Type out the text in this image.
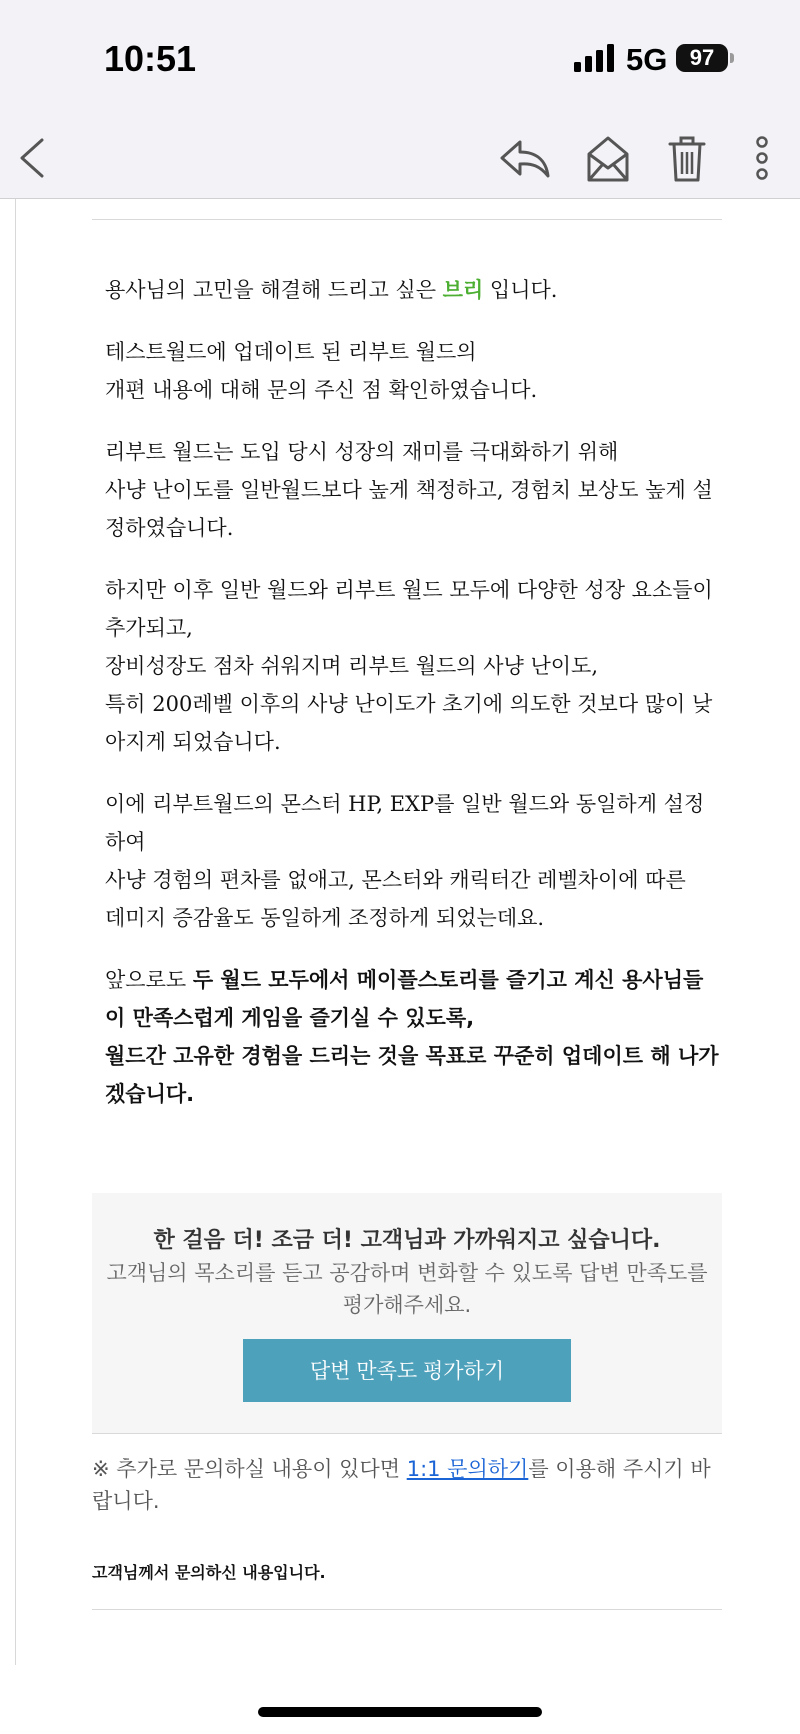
10:51	5G	97

용사님의 고민을 해결해 드리고 싶은 브리 입니다.

테스트월드에 업데이트 된 리부트 월드의
개편 내용에 대해 문의 주신 점 확인하였습니다.

리부트 월드는 도입 당시 성장의 재미를 극대화하기 위해
사냥 난이도를 일반월드보다 높게 책정하고, 경험치 보상도 높게 설정하였습니다.

하지만 이후 일반 월드와 리부트 월드 모두에 다양한 성장 요소들이 추가되고,
장비성장도 점차 쉬워지며 리부트 월드의 사냥 난이도,
특히 200레벨 이후의 사냥 난이도가 초기에 의도한 것보다 많이 낮아지게 되었습니다.

이에 리부트월드의 몬스터 HP, EXP를 일반 월드와 동일하게 설정하여
사냥 경험의 편차를 없애고, 몬스터와 캐릭터간 레벨차이에 따른
데미지 증감율도 동일하게 조정하게 되었는데요.

앞으로도 두 월드 모두에서 메이플스토리를 즐기고 계신 용사님들이 만족스럽게 게임을 즐기실 수 있도록,
월드간 고유한 경험을 드리는 것을 목표로 꾸준히 업데이트 해 나가겠습니다.

한 걸음 더! 조금 더! 고객님과 가까워지고 싶습니다.
고객님의 목소리를 듣고 공감하며 변화할 수 있도록 답변 만족도를 평가해주세요.
답변 만족도 평가하기
※ 추가로 문의하실 내용이 있다면 1:1 문의하기를 이용해 주시기 바랍니다.
고객님께서 문의하신 내용입니다.
